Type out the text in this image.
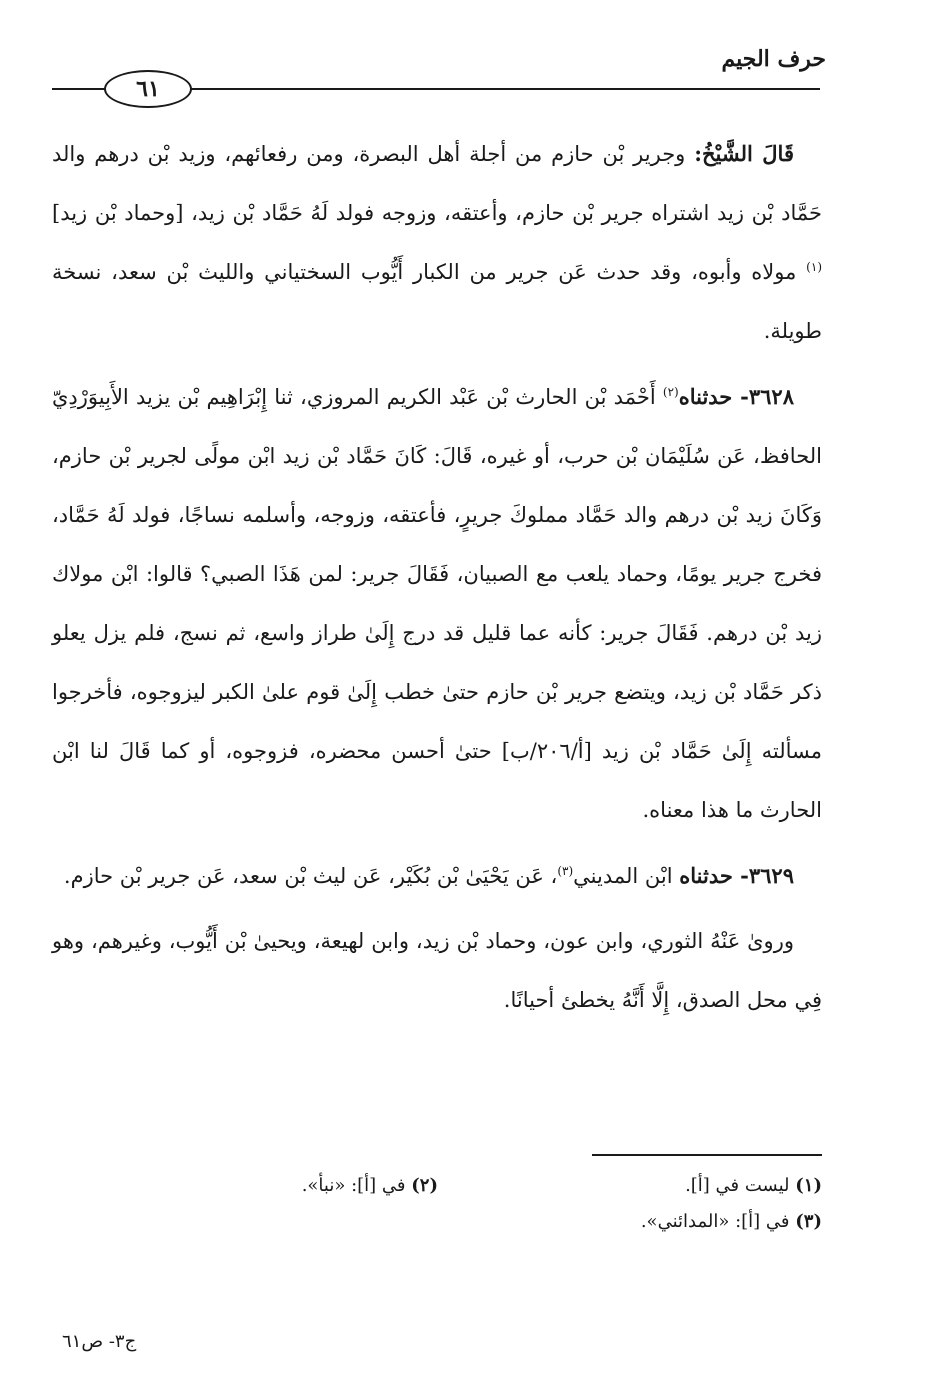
حرف الجيم
٦١

قَالَ الشَّيْخُ: وجرير بْن حازم من أجلة أهل البصرة، ومن رفعائهم، وزيد بْن درهم والد حَمَّاد بْن زيد اشتراه جرير بْن حازم، وأعتقه، وزوجه فولد لَهُ حَمَّاد بْن زيد، [وحماد بْن زيد]$^{(١)}$ مولاه وأبوه، وقد حدث عَن جرير من الكبار أَيُّوب السختياني والليث بْن سعد، نسخة طويلة.

٣٦٢٨- حدثناه$^{(٢)}$ أَحْمَد بْن الحارث بْن عَبْد الكريم المروزي، ثنا إِبْرَاهِيم بْن يزيد الأَبِيوَرْدِيّ الحافظ، عَن سُلَيْمَان بْن حرب، أو غيره، قَالَ: كَانَ حَمَّاد بْن زيد ابْن مولًى لجرير بْن حازم، وَكَانَ زيد بْن درهم والد حَمَّاد مملوكَ جريرٍ، فأعتقه، وزوجه، وأسلمه نساجًا، فولد لَهُ حَمَّاد، فخرج جرير يومًا، وحماد يلعب مع الصبيان، فَقَالَ جرير: لمن هَذَا الصبي؟ قالوا: ابْن مولاك زيد بْن درهم. فَقَالَ جرير: كأنه عما قليل قد درج إِلَىٰ طراز واسع، ثم نسج، فلم يزل يعلو ذكر حَمَّاد بْن زيد، ويتضع جرير بْن حازم حتىٰ خطب إِلَىٰ قوم علىٰ الكبر ليزوجوه، فأخرجوا مسألته إِلَىٰ حَمَّاد بْن زيد [أ/٢٠٦/ب] حتىٰ أحسن محضره، فزوجوه، أو كما قَالَ لنا ابْن الحارث ما هذا معناه.

٣٦٢٩- حدثناه ابْن المديني$^{(٣)}$، عَن يَحْيَىٰ بْن بُكَيْر، عَن ليث بْن سعد، عَن جرير بْن حازم.

وروىٰ عَنْهُ الثوري، وابن عون، وحماد بْن زيد، وابن لهيعة، ويحيىٰ بْن أَيُّوب، وغيرهم، وهو فِي محل الصدق، إِلَّا أَنَّهُ يخطئ أحيانًا.

(١) ليست في [أ].
(٢) في [أ]: «نبأ».
(٣) في [أ]: «المدائني».
ج٣- ص٦١
